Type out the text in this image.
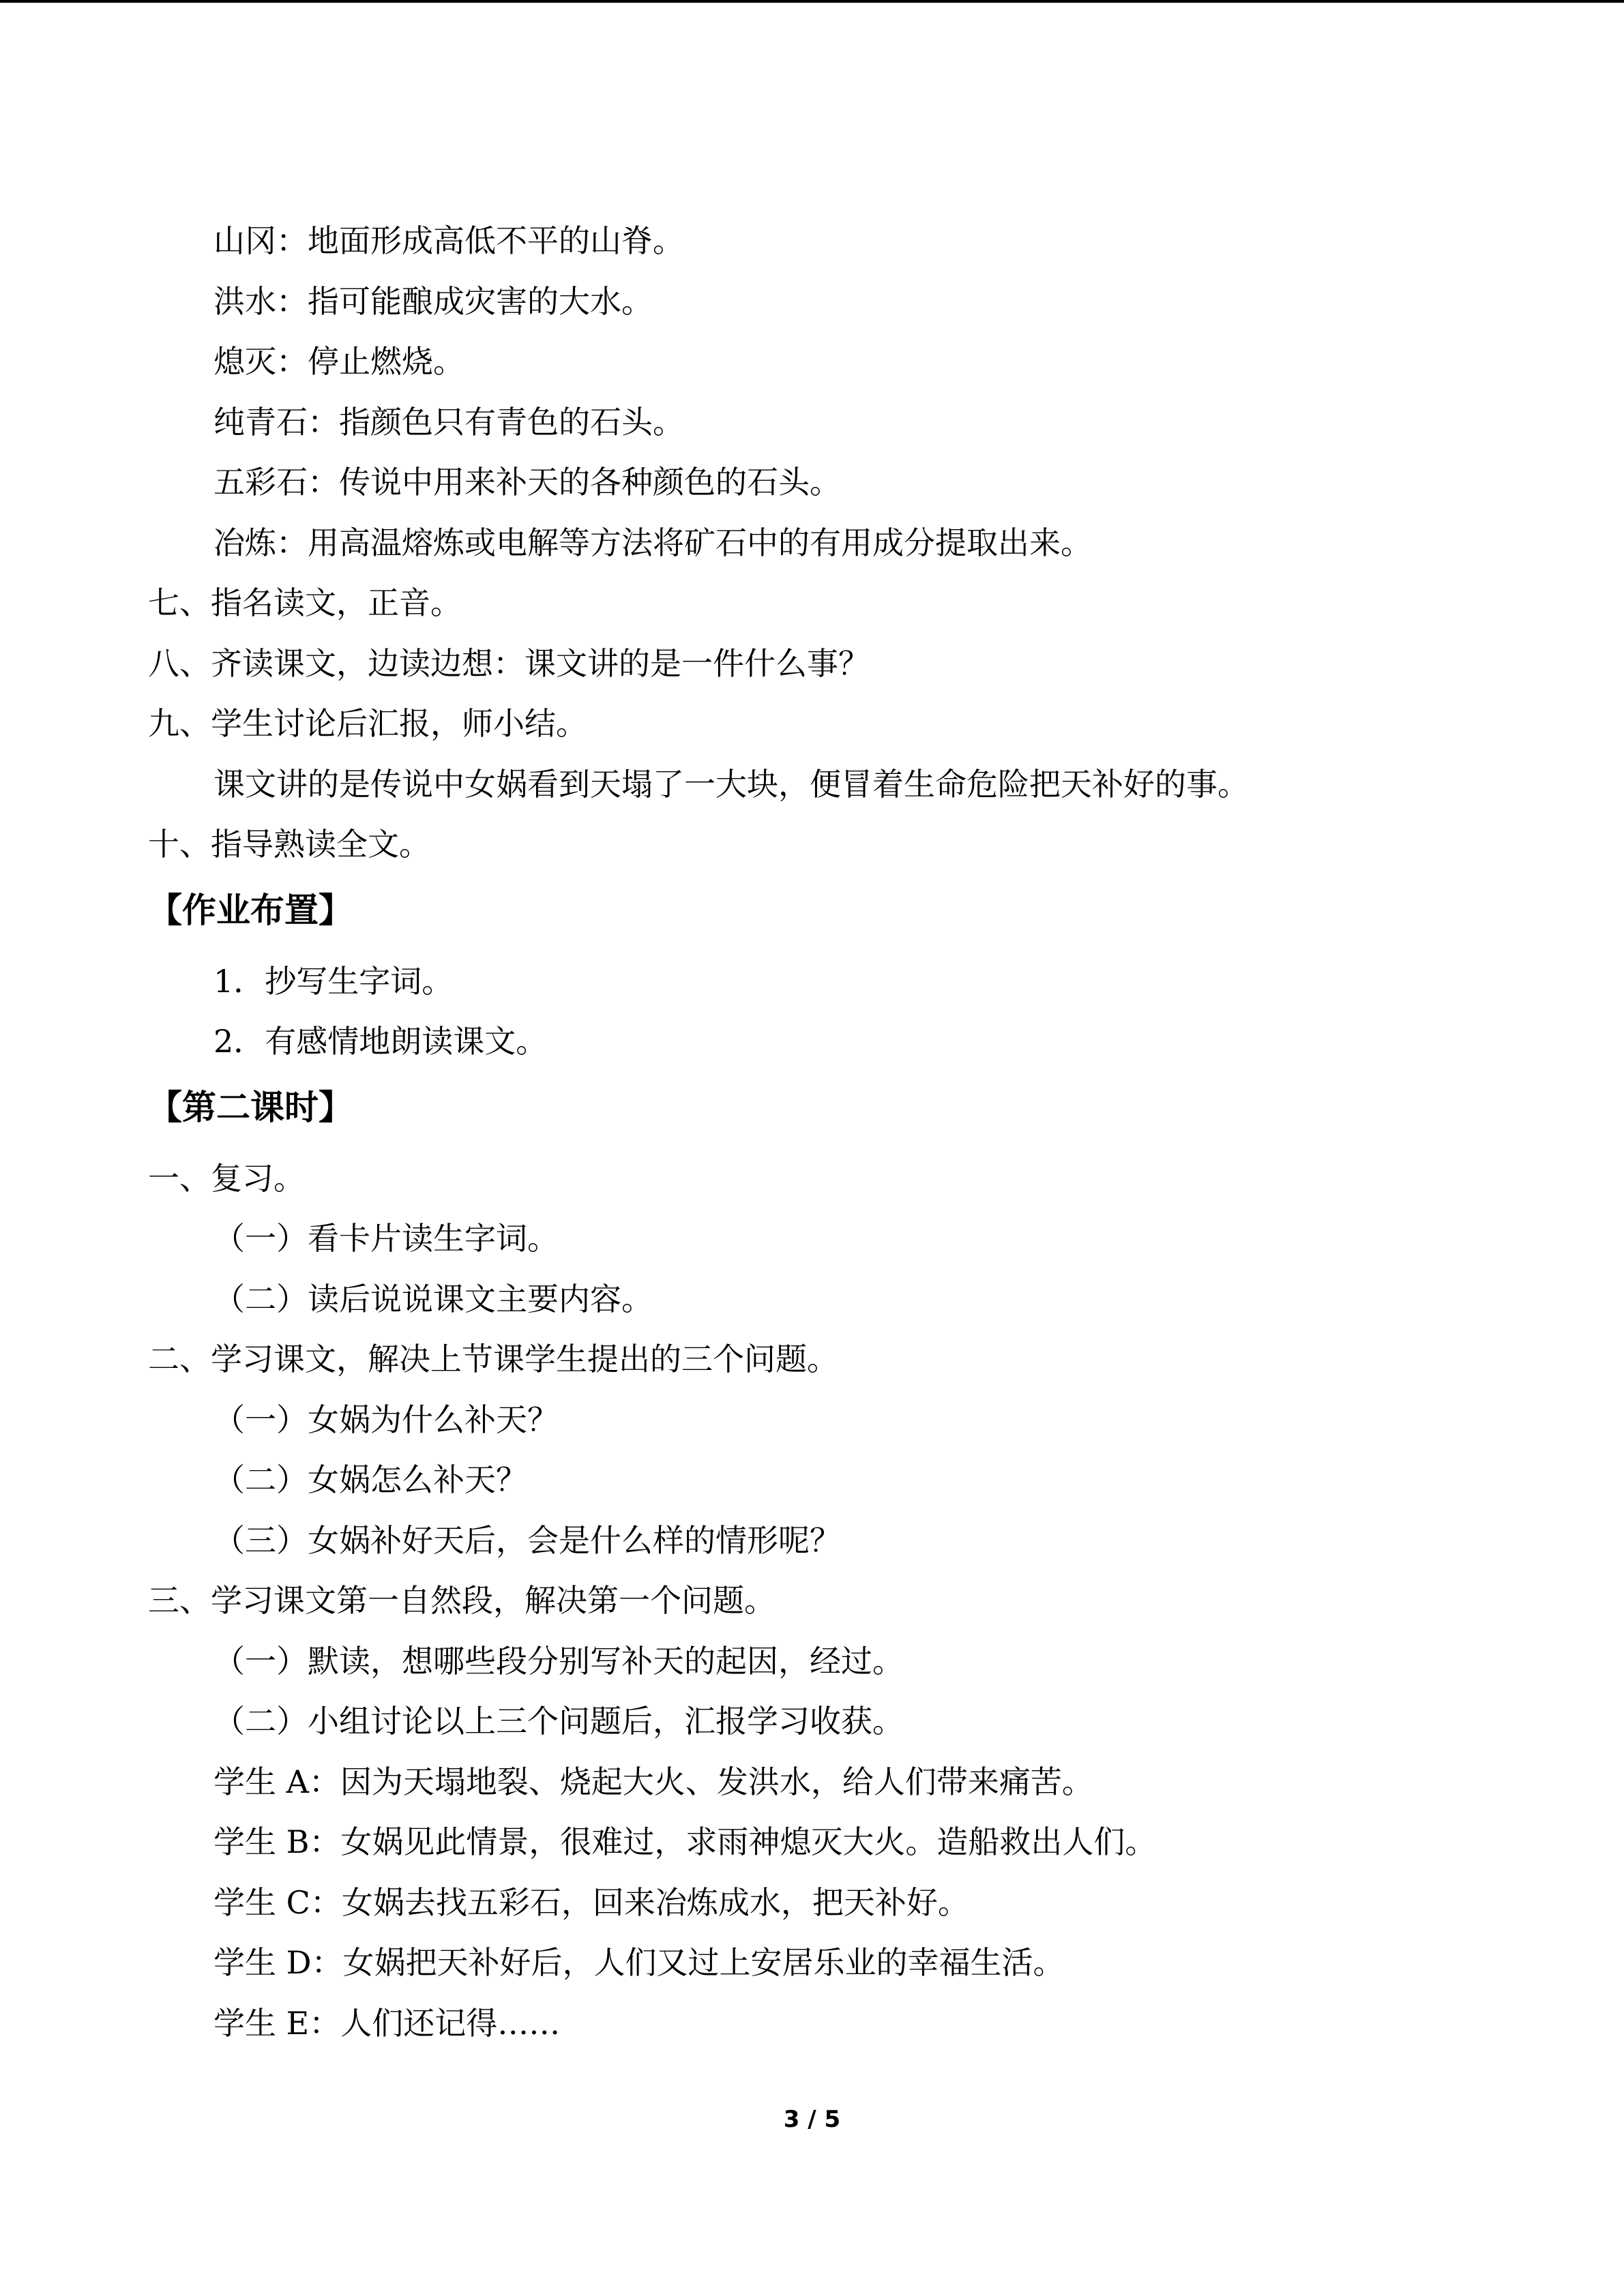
山冈：地面形成高低不平的山脊。
洪水：指可能酿成灾害的大水。
熄灭：停止燃烧。
纯青石：指颜色只有青色的石头。
五彩石：传说中用来补天的各种颜色的石头。
冶炼：用高温熔炼或电解等方法将矿石中的有用成分提取出来。
七、指名读文，正音。
八、齐读课文，边读边想：课文讲的是一件什么事？
九、学生讨论后汇报，师小结。
课文讲的是传说中女娲看到天塌了一大块，便冒着生命危险把天补好的事。
十、指导熟读全文。
【作业布置】
1．抄写生字词。
2．有感情地朗读课文。
【第二课时】
一、复习。
（一）看卡片读生字词。
（二）读后说说课文主要内容。
二、学习课文，解决上节课学生提出的三个问题。
（一）女娲为什么补天？
（二）女娲怎么补天？
（三）女娲补好天后，会是什么样的情形呢？
三、学习课文第一自然段，解决第一个问题。
（一）默读，想哪些段分别写补天的起因，经过。
（二）小组讨论以上三个问题后，汇报学习收获。
学生 A：因为天塌地裂、烧起大火、发洪水，给人们带来痛苦。
学生 B：女娲见此情景，很难过，求雨神熄灭大火。造船救出人们。
学生 C：女娲去找五彩石，回来冶炼成水，把天补好。
学生 D：女娲把天补好后，人们又过上安居乐业的幸福生活。
学生 E：人们还记得……
3 / 5
